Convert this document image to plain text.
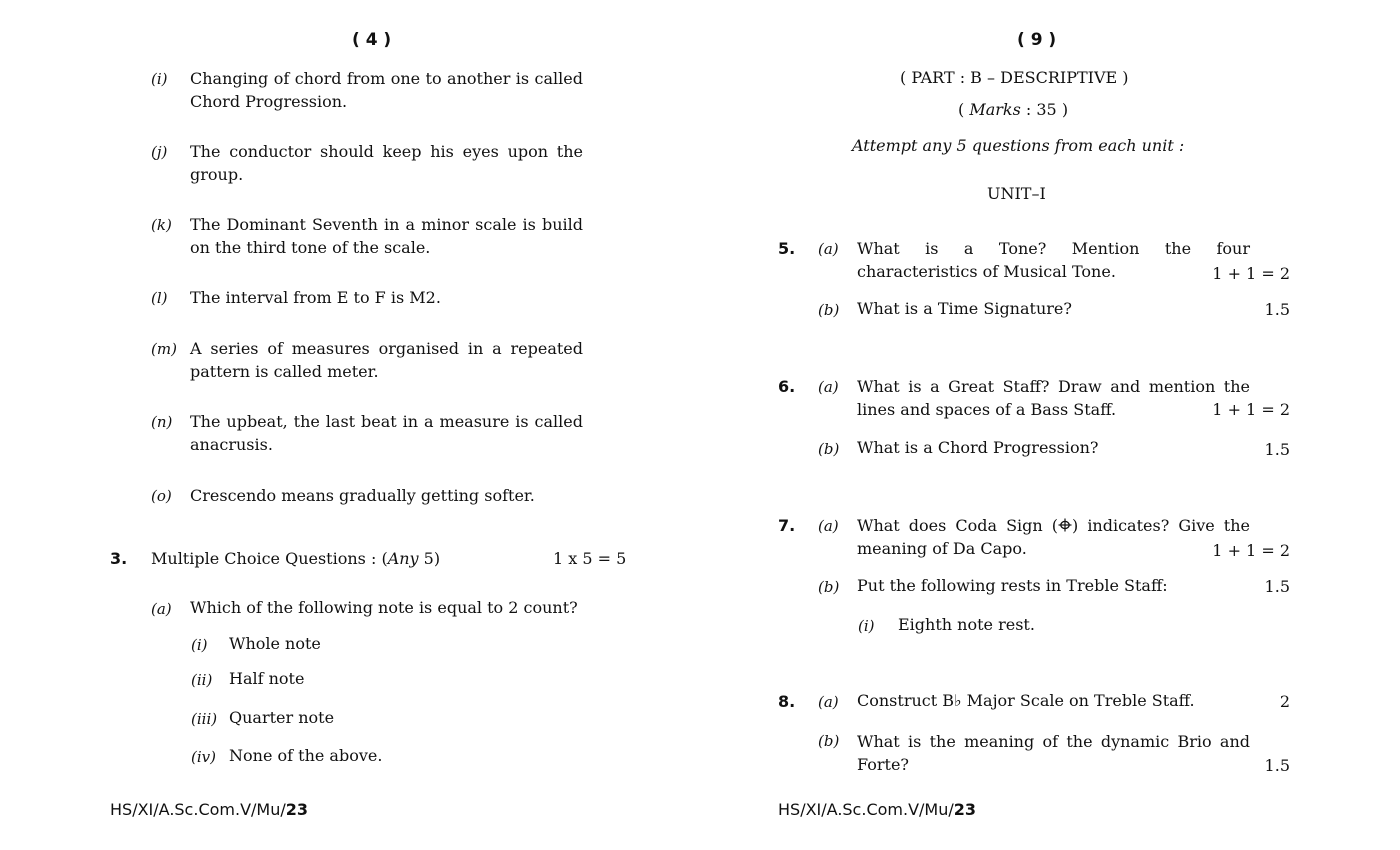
( 4 )
(i) Changing of chord from one to another is called Chord Progression.
(j) The conductor should keep his eyes upon the group.
(k) The Dominant Seventh in a minor scale is build on the third tone of the scale.
(l) The interval from E to F is M2.
(m) A series of measures organised in a repeated pattern is called meter.
(n) The upbeat, the last beat in a measure is called anacrusis.
(o) Crescendo means gradually getting softer.
3. Multiple Choice Questions : (Any 5)	1 x 5 = 5
(a) Which of the following note is equal to 2 count?
(i) Whole note
(ii) Half note
(iii) Quarter note
(iv) None of the above.
HS/XI/A.Sc.Com.V/Mu/23
( 9 )
( PART : B – DESCRIPTIVE )
( Marks : 35 )
Attempt any 5 questions from each unit :
UNIT–I
5. (a) What is a Tone? Mention the four characteristics of Musical Tone.	1 + 1 = 2
(b) What is a Time Signature?	1.5
6. (a) What is a Great Staff? Draw and mention the lines and spaces of a Bass Staff.	1 + 1 = 2
(b) What is a Chord Progression?	1.5
7. (a) What does Coda Sign ( ) indicates? Give the meaning of Da Capo.	1 + 1 = 2
(b) Put the following rests in Treble Staff:	1.5
(i) Eighth note rest.
8. (a) Construct B♭ Major Scale on Treble Staff.	2
(b) What is the meaning of the dynamic Brio and Forte?	1.5
HS/XI/A.Sc.Com.V/Mu/23
